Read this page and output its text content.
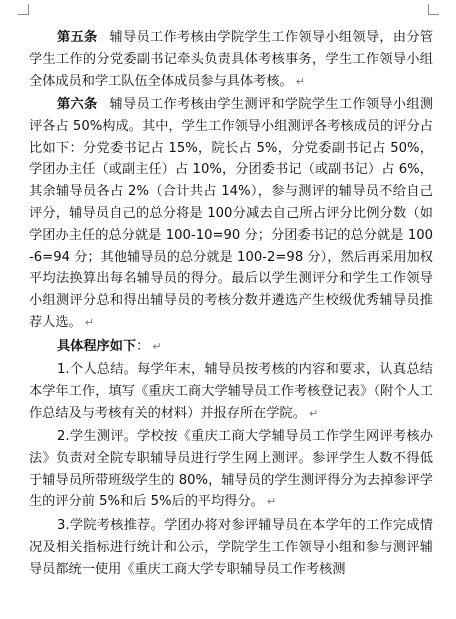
第五条 辅导员工作考核由学院学生工作领导小组领导，由分管学生工作的分党委副书记牵头负责具体考核事务，学生工作领导小组全体成员和学工队伍全体成员参与具体考核。 ↵

第六条 辅导员工作考核由学生测评和学院学生工作领导小组测评各占 50%构成。其中，学生工作领导小组测评各考核成员的评分占比如下：分党委书记占 15%，院长占 5%，分党委副书记占 50%，学团办主任（或副主任）占 10%，分团委书记（或副书记）占 6%，其余辅导员各占 2%（合计共占 14%），参与测评的辅导员不给自己评分，辅导员自己的总分将是 100分减去自己所占评分比例分数（如学团办主任的总分就是 100-10=90 分；分团委书记的总分就是 100-6=94 分；其他辅导员的总分就是 100-2=98 分），然后再采用加权平均法换算出每名辅导员的得分。最后以学生测评分和学生工作领导小组测评分总和得出辅导员的考核分数并遴选产生校级优秀辅导员推荐人选。 ↵

具体程序如下： ↵

1.个人总结。每学年末，辅导员按考核的内容和要求，认真总结本学年工作，填写《重庆工商大学辅导员工作考核登记表》（附个人工作总结及与考核有关的材料）并报存所在学院。 ↵

2.学生测评。学校按《重庆工商大学辅导员工作学生网评考核办法》负责对全院专职辅导员进行学生网上测评。参评学生人数不得低于辅导员所带班级学生的 80%，辅导员的学生测评得分为去掉参评学生的评分前 5%和后 5%后的平均得分。 ↵

3.学院考核推荐。学团办将对参评辅导员在本学年的工作完成情况及相关指标进行统计和公示，学院学生工作领导小组和参与测评辅导员都统一使用《重庆工商大学专职辅导员工作考核测
